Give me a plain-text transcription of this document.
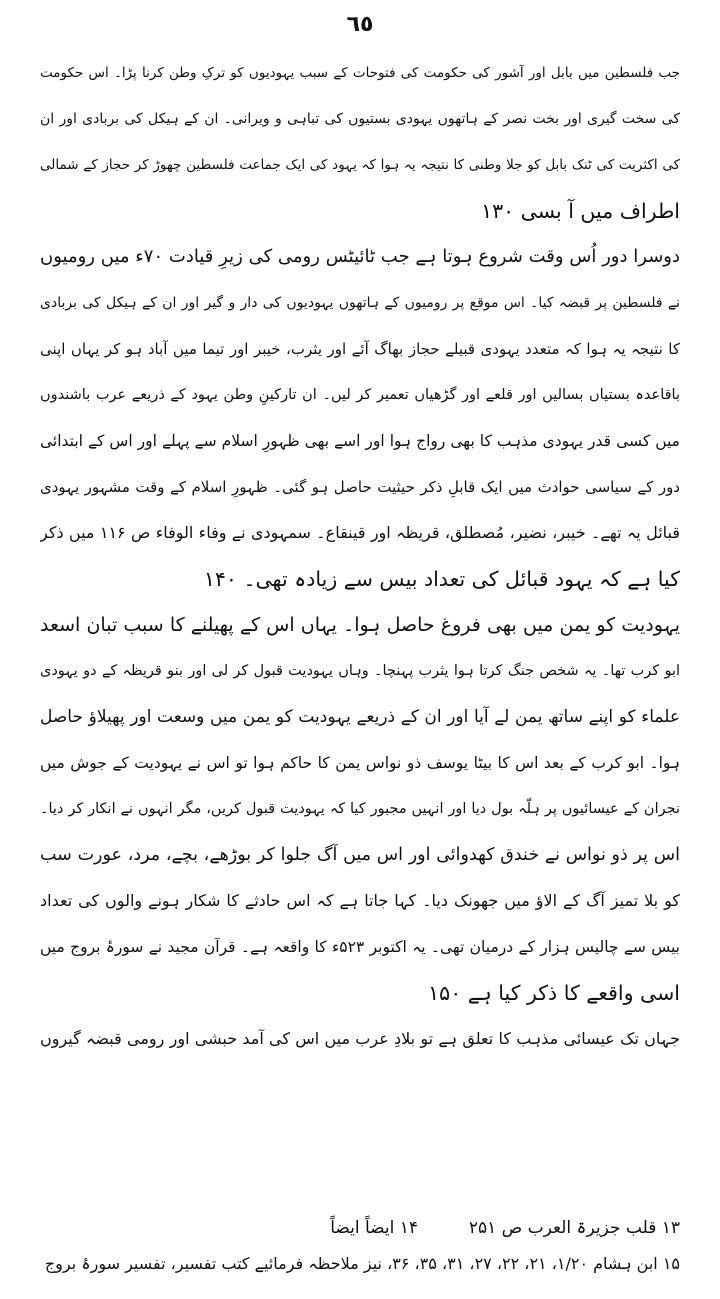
٦٥
جب فلسطین میں بابل اور آشور کی حکومت کی فتوحات کے سبب یہودیوں کو ترکِ وطن کرنا پڑا۔ اس حکومت
کی سخت گیری اور بخت نصر کے ہاتھوں یہودی بستیوں کی تباہی و ویرانی۔ ان کے ہیکل کی بربادی اور ان
کی اکثریت کی ٹنک بابل کو جلا وطنی کا نتیجہ یہ ہوا کہ یہود کی ایک جماعت فلسطین چھوڑ کر حجاز کے شمالی
اطراف میں آ بسی ۱۳۰
دوسرا دور اُس وقت شروع ہوتا ہے جب ٹائیٹس رومی کی زیرِ قیادت ۷۰ء میں رومیوں
نے فلسطین پر قبضہ کیا۔ اس موقع پر رومیوں کے ہاتھوں یہودیوں کی دار و گیر اور ان کے ہیکل کی بربادی
کا نتیجہ یہ ہوا کہ متعدد یہودی قبیلے حجاز بھاگ آئے اور یثرب، خیبر اور تیما میں آباد ہو کر یہاں اپنی
باقاعدہ بستیاں بسالیں اور قلعے اور گڑھیاں تعمیر کر لیں۔ ان تارکینِ وطن یہود کے ذریعے عرب باشندوں
میں کسی قدر یہودی مذہب کا بھی رواج ہوا اور اسے بھی ظہورِ اسلام سے پہلے اور اس کے ابتدائی
دور کے سیاسی حوادث میں ایک قابلِ ذکر حیثیت حاصل ہو گئی۔ ظہورِ اسلام کے وقت مشہور یہودی
قبائل یہ تھے۔ خیبر، نضیر، مُصطلق، قریظہ اور قینقاع۔ سمہودی نے وفاء الوفاء ص ۱۱۶ میں ذکر
کیا ہے کہ یہود قبائل کی تعداد بیس سے زیادہ تھی۔ ۱۴۰
یہودیت کو یمن میں بھی فروغ حاصل ہوا۔ یہاں اس کے پھیلنے کا سبب تبان اسعد
ابو کرب تھا۔ یہ شخص جنگ کرتا ہوا یثرب پہنچا۔ وہاں یہودیت قبول کر لی اور بنو قریظہ کے دو یہودی
علماء کو اپنے ساتھ یمن لے آیا اور ان کے ذریعے یہودیت کو یمن میں وسعت اور پھیلاؤ حاصل
ہوا۔ ابو کرب کے بعد اس کا بیٹا یوسف ذو نواس یمن کا حاکم ہوا تو اس نے یہودیت کے جوش میں
نجران کے عیسائیوں پر ہلّہ بول دیا اور انہیں مجبور کیا کہ یہودیت قبول کریں، مگر انہوں نے انکار کر دیا۔
اس پر ذو نواس نے خندق کھدوائی اور اس میں آگ جلوا کر بوڑھے، بچے، مرد، عورت سب
کو بلا تمیز آگ کے الاؤ میں جھونک دیا۔ کہا جاتا ہے کہ اس حادثے کا شکار ہونے والوں کی تعداد
بیس سے چالیس ہزار کے درمیان تھی۔ یہ اکتوبر ۵۲۳ء کا واقعہ ہے۔ قرآن مجید نے سورۂ بروج میں
اسی واقعے کا ذکر کیا ہے ۱۵۰
جہاں تک عیسائی مذہب کا تعلق ہے تو بلادِ عرب میں اس کی آمد حبشی اور رومی قبضہ گیروں
۱۳ قلب جزیرۃ العرب ص ۲۵۱  ۱۴ ایضاً ایضاً
۱۵ ابن ہشام ۱/۲۰، ۲۱، ۲۲، ۲۷، ۳۱، ۳۵، ۳۶، نیز ملاحظہ فرمائیے کتب تفسیر، تفسیر سورۂ بروج
